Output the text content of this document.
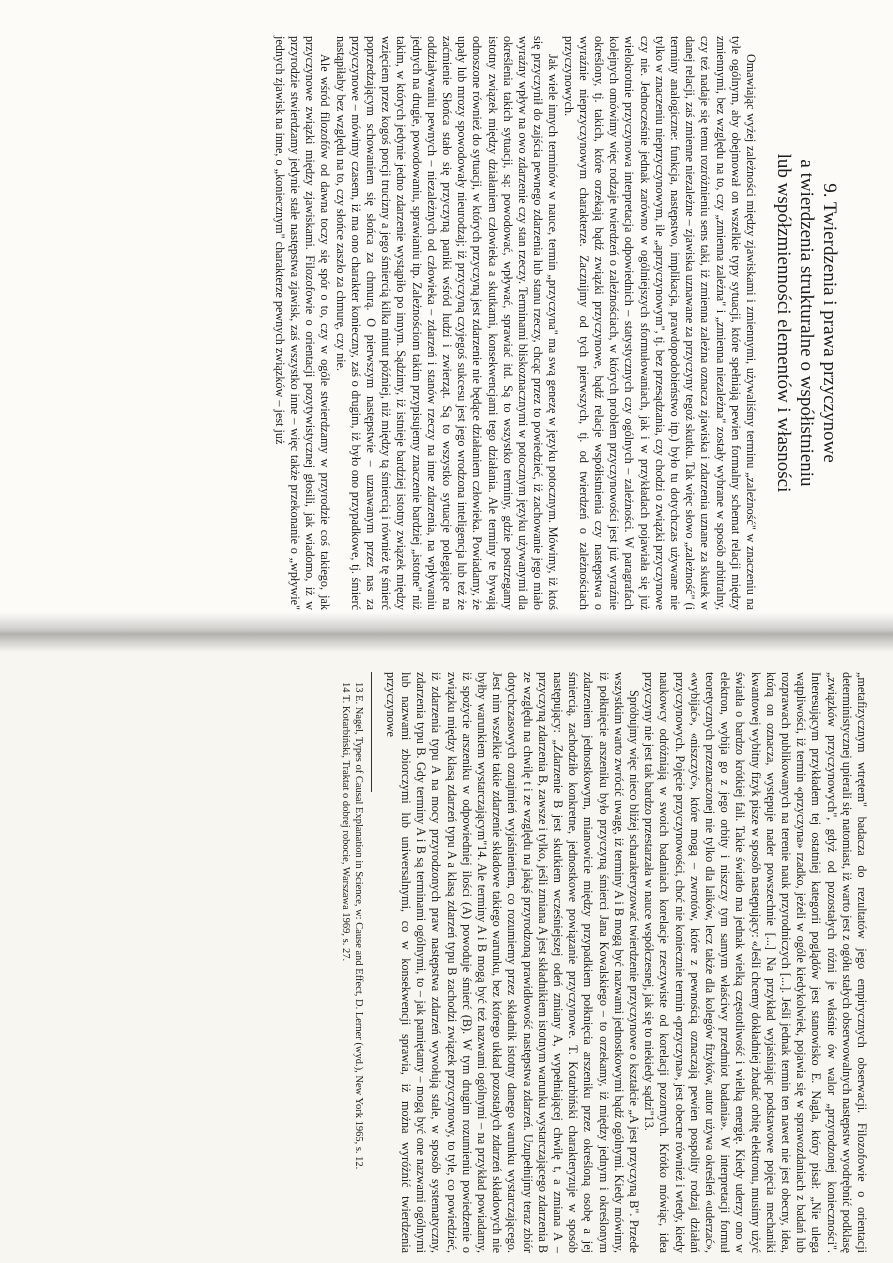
9. Twierdzenia i prawa przyczynowe
a twierdzenia strukturalne o współistnieniu
lub współzmienności elementów i własności

Omawiając wyżej zależności między zjawiskami i zmiennymi, używaliśmy terminu „zależność" w znaczeniu na tyle ogólnym, aby obejmował on wszelkie typy sytuacji, które spełniają pewien formalny schemat relacji między zmiennymi, bez względu na to, czy „zmienna zależna" i „zmienna niezależna" zostały wybrane w sposób arbitralny, czy też nadaje się temu rozróżnieniu sens taki, iż zmienna zależna oznacza zjawiska i zdarzenia uznane za skutek w danej relacji, zaś zmienne niezależne – zjawiska uznawane za przyczyny tegoż skutku. Tak więc słowo „zależność" (i terminy analogiczne: funkcja, następstwo, implikacja, prawdopodobieństwo itp.) było tu dotychczas używane nie tylko w znaczeniu nieprzyczynowym, ile „aprzyczynowym", tj. bez przesądzania, czy chodzi o związki przyczynowe czy nie. Jednocześnie jednak zarówno w ogólniejszych sformułowaniach, jak i w przykładach pojawiała się już wielokrotnie przyczynowa interpretacja odpowiednich – statystycznych czy ogólnych – zależności. W paragrafach kolejnych omówimy więc rodzaje twierdzeń o zależnościach, w których problem przyczynowości jest już wyraźnie określony, tj. takich, które orzekają bądź związki przyczynowe, bądź relacje współistnienia czy następstwa o wyraźnie nieprzyczynowym charakterze. Zacznijmy od tych pierwszych, tj. od twierdzeń o zależnościach przyczynowych.

Jak wiele innych terminów w nauce, termin „przyczyna" ma swą genezę w języku potocznym. Mówimy, iż ktoś się przyczynił do zajścia pewnego zdarzenia lub stanu rzeczy, chcąc przez to powiedzieć, iż zachowanie jego miało wyraźny wpływ na owo zdarzenie czy stan rzeczy. Terminami bliskoznacznymi w potocznym języku używanymi dla określenia takich sytuacji, są: powodować, wpływać, sprawiać itd. Są to wszystko terminy, gdzie postrzegamy istotny związek między działaniem człowieka a skutkami, konsekwencjami tego działania. Ale terminy te bywają odnoszone również do sytuacji, w których przyczyną jest zdarzenie nie będące działaniem człowieka. Powiadamy, że upały lub mrozy spowodowały nieurodzaj; iż przyczyną czyjegoś sukcesu jest jego wrodzona inteligencja lub też że zaćmienie Słońca stało się przyczyną paniki wśród ludzi i zwierząt. Są to wszystko sytuacje polegające na oddziaływaniu pewnych – niezależnych od człowieka – zdarzeń i stanów rzeczy na inne zdarzenia, na wpływaniu jednych na drugie, powodowaniu, sprawianiu itp. Zależnościom takim przypisujemy znaczenie bardziej „istotne" niż takim, w których jedynie jedno zdarzenie wystąpiło po innym. Sądzimy, iż istnieje bardziej istotny związek między wzięciem przez kogoś porcji trucizny a jego śmiercią kilka minut później, niż między tą śmiercią i również tę śmierć poprzedzającym schowaniem się słońca za chmurą. O pierwszym następstwie – uznawanym przez nas za przyczynowe – mówimy czasem, iż ma ono charakter konieczny, zaś o drugim, iż było ono przypadkowe, tj. śmierć nastąpiłaby bez względu na to, czy słońce zaszło za chmurę, czy nie.

Ale wśród filozofów od dawna toczy się spór o to, czy w ogóle stwierdzamy w przyrodzie coś takiego, jak przyczynowe związki między zjawiskami. Filozofowie o orientacji pozytywistycznej głosili, jak wiadomo, iż w przyrodzie stwierdzamy jedynie stałe następstwa zjawisk, zaś wszystko inne – więc także przekonanie o „wpływie" jednych zjawisk na inne, o „koniecznym" charakterze pewnych związków – jest już

„metafizycznym wtrętem" badacza do rezultatów jego empirycznych obserwacji. Filozofowie o orientacji deterministycznej upierali się natomiast, iż warto jest z ogółu stałych obserwowalnych następstw wyodrębnić podklasę „związków przyczynowych", gdyż od pozostałych różni je właśnie ów walor „przyrodzonej konieczności". Interesującym przykładem tej ostatniej kategorii poglądów jest stanowisko E. Nagla, który pisał: „Nie ulega wątpliwości, iż termin «przyczyna» rzadko, jeżeli w ogóle kiedykolwiek, pojawia się w sprawozdaniach z badań lub rozprawach publikowanych na terenie nauk przyrodniczych [...]. Jeśli jednak termin ten nawet nie jest obecny, idea, którą on oznacza, występuje nader powszechnie [...] Na przykład wyjaśniając podstawowe pojęcia mechaniki kwantowej wybitny fizyk pisze w sposób następujący: «Jeśli chcemy dokładniej zbadać orbitę elektronu, musimy użyć światła o bardzo krótkiej fali. Takie światło ma jednak wielką częstotliwość i wielką energię. Kiedy uderzy ono w elektron, wybija go z jego orbity i niszczy tym samym właściwy przedmiot badania». W interpretacji formuł teoretycznych przeznaczonej nie tylko dla laików, lecz także dla kolegów fizyków, autor używa określeń «uderzać», «wybijać», «niszczyć», które mogą – zwrotów, które z pewnością oznaczają pewien pospolity rodzaj działań przyczynowych. Pojęcie przyczynowości, choć nie koniecznie termin «przyczyna», jest obecne również i wtedy, kiedy naukowcy odróżniają w swoich badaniach korelacje rzeczywiste od korelacji pozornych. Krótko mówiąc, idea przyczyny nie jest tak bardzo przestarzała w nauce współczesnej, jak się to niekiedy sądzi"13.

Spróbujmy więc nieco bliżej scharakteryzować twierdzenie przyczynowe o kształcie „A jest przyczyną B". Przede wszystkim warto zwrócić uwagę, iż terminy A i B mogą być nazwami jednostkowymi bądź ogólnymi. Kiedy mówimy, iż połknięcie arszeniku było przyczyną śmierci Jana Kowalskiego – to orzekamy, iż między jednym i określonym zdarzeniem jednostkowym, mianowicie między przypadkiem połknięcia arszeniku przez określoną osobę a jej śmiercią, zachodziło konkretne, jednostkowe powiązanie przyczynowe. T. Kotarbiński charakteryzuje w sposób następujący: „Zdarzenie B jest skutkiem wcześniejszej odeń zmiany A, wypełniającej chwilę t, a zmiana A – przyczyną zdarzenia B, zawsze i tylko, jeśli zmiana A jest składnikiem istotnym warunku wystarczającego zdarzenia B ze względu na chwilę t i ze względu na jakąś przyrodzoną prawidłowość następstwa zdarzeń. Uzupełnijmy teraz zbiór dotychczasowych oznajmień wyjaśnieniem, co rozumiemy przez składnik istotny danego warunku wystarczającego. Jest nim wszelkie takie zdarzenie składowe takiego warunku, bez którego układ pozostałych zdarzeń składowych nie byłby warunkiem wystarczającym"14. Ale terminy A i B mogą być też nazwami ogólnymi – na przykład powiadamy, iż spożycie arszeniku w odpowiedniej ilości (A) powoduje śmierć (B). W tym drugim rozumieniu powiedzenie o związku między klasą zdarzeń typu A a klasą zdarzeń typu B zachodzi związek przyczynowy, to tyle, co powiedzieć, iż zdarzenia typu A na mocy przyrodzonych praw następstwa zdarzeń wywołują stale, w sposób systematyczny, zdarzenia typu B. Gdy terminy A i B są terminami ogólnymi, to – jak pamiętamy – mogą być one nazwami ogólnymi lub nazwami zbiorczymi lub uniwersalnymi, co w konsekwencji sprawia, iż można wyróżnić twierdzenia przyczynowe

13 E. Nagel, Types of Causal Explanation in Science, w: Cause and Effect, D. Lerner (wyd.), New York 1965, s. 12.

14 T. Kotarbiński, Traktat o dobrej robocie, Warszawa 1969, s. 27.
